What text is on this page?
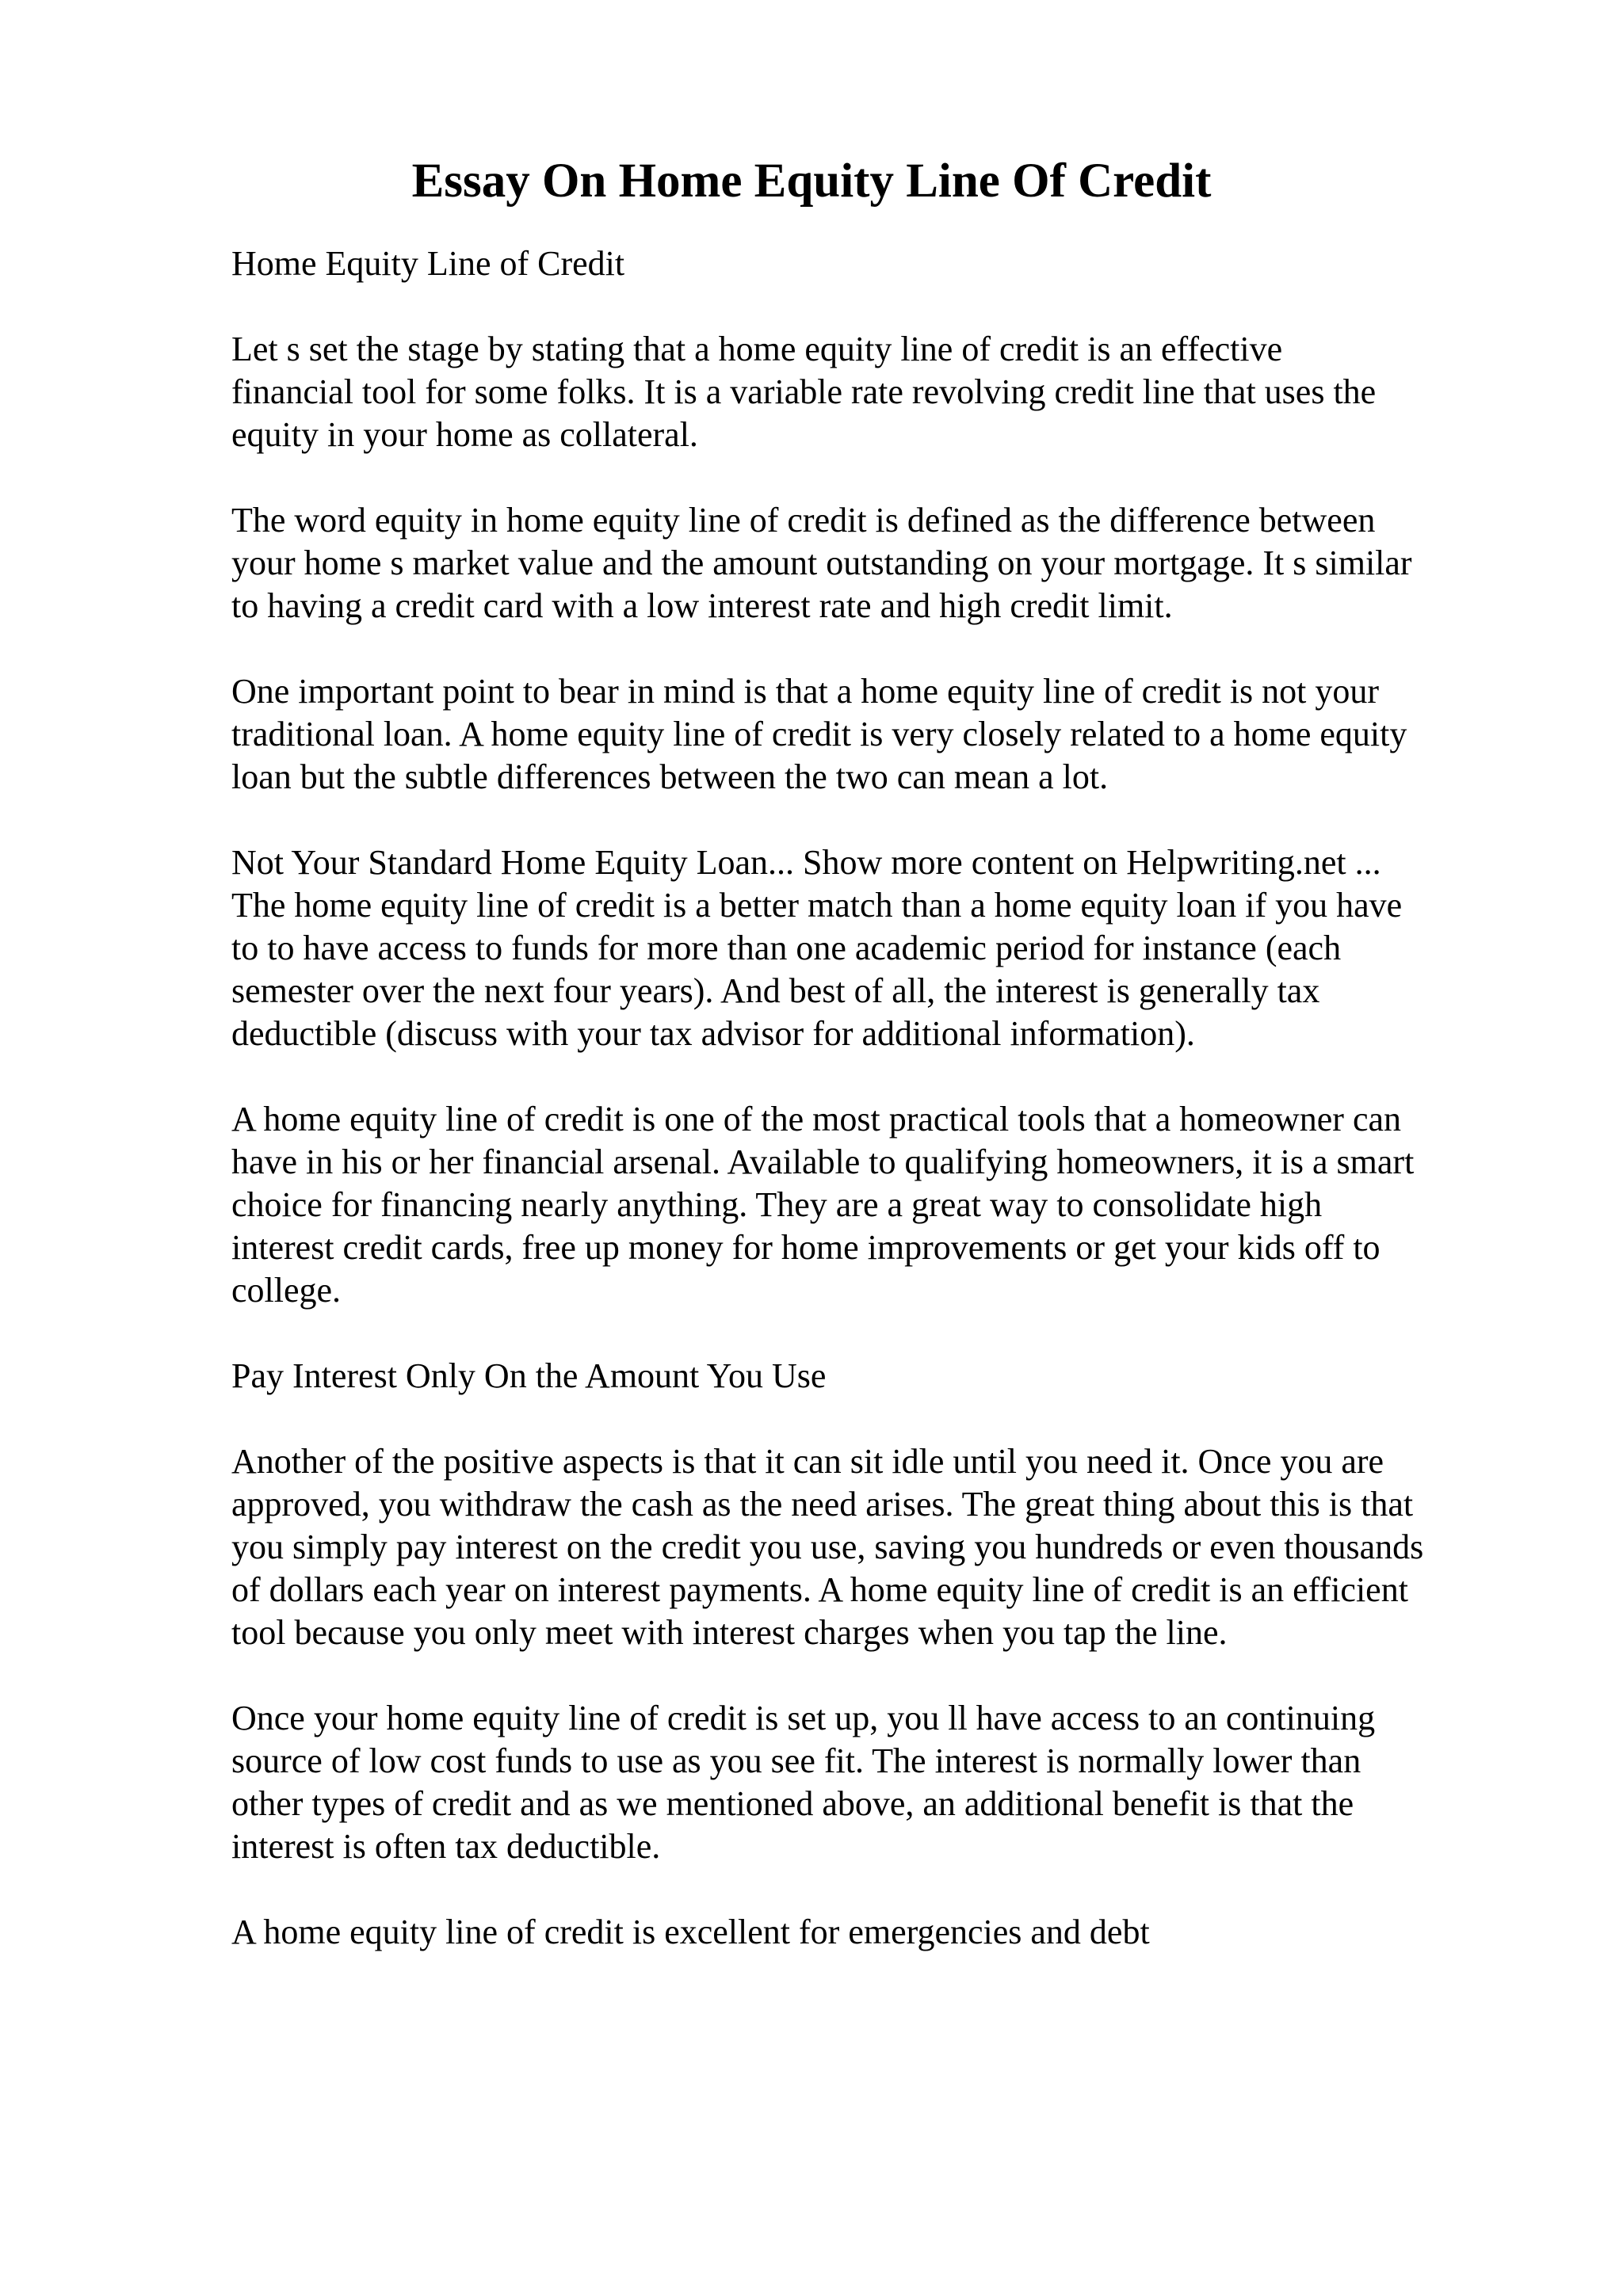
Essay On Home Equity Line Of Credit

Home Equity Line of Credit

Let s set the stage by stating that a home equity line of credit is an effective
financial tool for some folks. It is a variable rate revolving credit line that uses the
equity in your home as collateral.

The word equity in home equity line of credit is defined as the difference between
your home s market value and the amount outstanding on your mortgage. It s similar
to having a credit card with a low interest rate and high credit limit.

One important point to bear in mind is that a home equity line of credit is not your
traditional loan. A home equity line of credit is very closely related to a home equity
loan but the subtle differences between the two can mean a lot.

Not Your Standard Home Equity Loan... Show more content on Helpwriting.net ...
The home equity line of credit is a better match than a home equity loan if you have
to to have access to funds for more than one academic period for instance (each
semester over the next four years). And best of all, the interest is generally tax
deductible (discuss with your tax advisor for additional information).

A home equity line of credit is one of the most practical tools that a homeowner can
have in his or her financial arsenal. Available to qualifying homeowners, it is a smart
choice for financing nearly anything. They are a great way to consolidate high
interest credit cards, free up money for home improvements or get your kids off to
college.

Pay Interest Only On the Amount You Use

Another of the positive aspects is that it can sit idle until you need it. Once you are
approved, you withdraw the cash as the need arises. The great thing about this is that
you simply pay interest on the credit you use, saving you hundreds or even thousands
of dollars each year on interest payments. A home equity line of credit is an efficient
tool because you only meet with interest charges when you tap the line.

Once your home equity line of credit is set up, you ll have access to an continuing
source of low cost funds to use as you see fit. The interest is normally lower than
other types of credit and as we mentioned above, an additional benefit is that the
interest is often tax deductible.

A home equity line of credit is excellent for emergencies and debt
